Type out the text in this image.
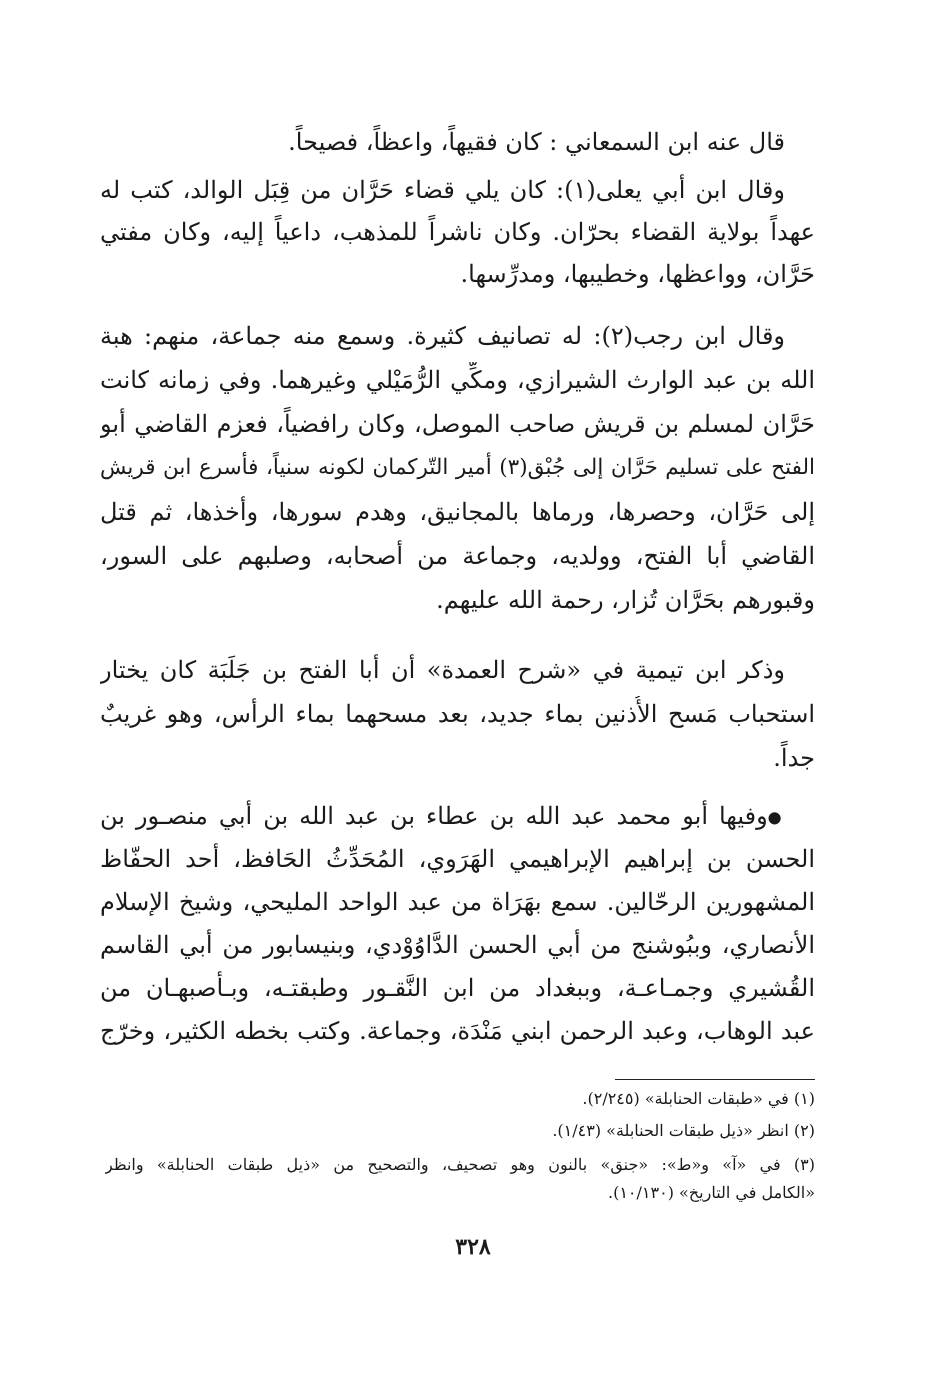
قال عنه ابن السمعاني : كان فقيهاً، واعظاً، فصيحاً.

وقال ابن أبي يعلى(١): كان يلي قضاء حَرَّان من قِبَل الوالد، كتب له
عهداً بولاية القضاء بحرّان. وكان ناشراً للمذهب، داعياً إليه، وكان مفتي
حَرَّان، وواعظها، وخطيبها، ومدرِّسها.

وقال ابن رجب(٢): له تصانيف كثيرة. وسمع منه جماعة، منهم: هبة
الله بن عبد الوارث الشيرازي، ومكِّي الرُّمَيْلي وغيرهما. وفي زمانه كانت
حَرَّان لمسلم بن قريش صاحب الموصل، وكان رافضياً، فعزم القاضي أبو
الفتح على تسليم حَرَّان إلى جُبْق(٣) أمير التّركمان لكونه سنياً، فأسرع ابن قريش
إلى حَرَّان، وحصرها، ورماها بالمجانيق، وهدم سورها، وأخذها، ثم قتل
القاضي أبا الفتح، وولديه، وجماعة من أصحابه، وصلبهم على السور،
وقبورهم بحَرَّان تُزار، رحمة الله عليهم.

وذكر ابن تيمية في «شرح العمدة» أن أبا الفتح بن جَلَبَة كان يختار
استحباب مَسح الأُذنين بماء جديد، بعد مسحهما بماء الرأس، وهو غريبٌ
جداً.

●وفيها أبو محمد عبد الله بن عطاء بن عبد الله بن أبي منصـور بن
الحسن بن إبراهيم الإبراهيمي الهَرَوي، المُحَدِّثُ الحَافظ، أحد الحفّاظ
المشهورين الرحّالين. سمع بهَرَاة من عبد الواحد المليحي، وشيخ الإسلام
الأنصاري، وببُوشنج من أبي الحسن الدَّاوُوْدي، وبنيسابور من أبي القاسم
القُشيري وجمـاعـة، وببغداد من ابن النَّقـور وطبقتـه، وبـأصبهـان من
عبد الوهاب، وعبد الرحمن ابني مَنْدَة، وجماعة. وكتب بخطه الكثير، وخرّج

(١) في «طبقات الحنابلة» (٢/٢٤٥).
(٢) انظر «ذيل طبقات الحنابلة» (١/٤٣).
(٣) في «آ» و«ط»: «جنق» بالنون وهو تصحيف، والتصحيح من «ذيل طبقات الحنابلة» وانظر
«الكامل في التاريخ» (١٠/١٣٠).
٣٢٨
